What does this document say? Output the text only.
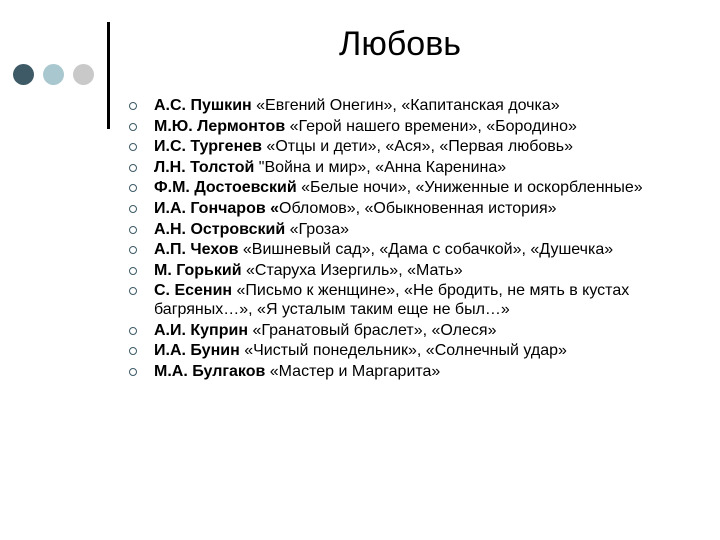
Любовь
А.С. Пушкин «Евгений Онегин», «Капитанская дочка»
М.Ю. Лермонтов «Герой нашего времени», «Бородино»
И.С. Тургенев «Отцы и дети», «Ася», «Первая любовь»
Л.Н. Толстой "Война и мир», «Анна Каренина»
Ф.М. Достоевский «Белые ночи», «Униженные и оскорбленные»
И.А. Гончаров «Обломов», «Обыкновенная история»
А.Н. Островский «Гроза»
А.П. Чехов «Вишневый сад», «Дама с собачкой», «Душечка»
М. Горький «Старуха Изергиль», «Мать»
С. Есенин «Письмо к женщине», «Не бродить, не мять в кустах багряных…», «Я усталым таким еще не был…»
А.И. Куприн «Гранатовый браслет», «Олеся»
И.А. Бунин «Чистый понедельник», «Солнечный удар»
М.А. Булгаков «Мастер и Маргарита»
